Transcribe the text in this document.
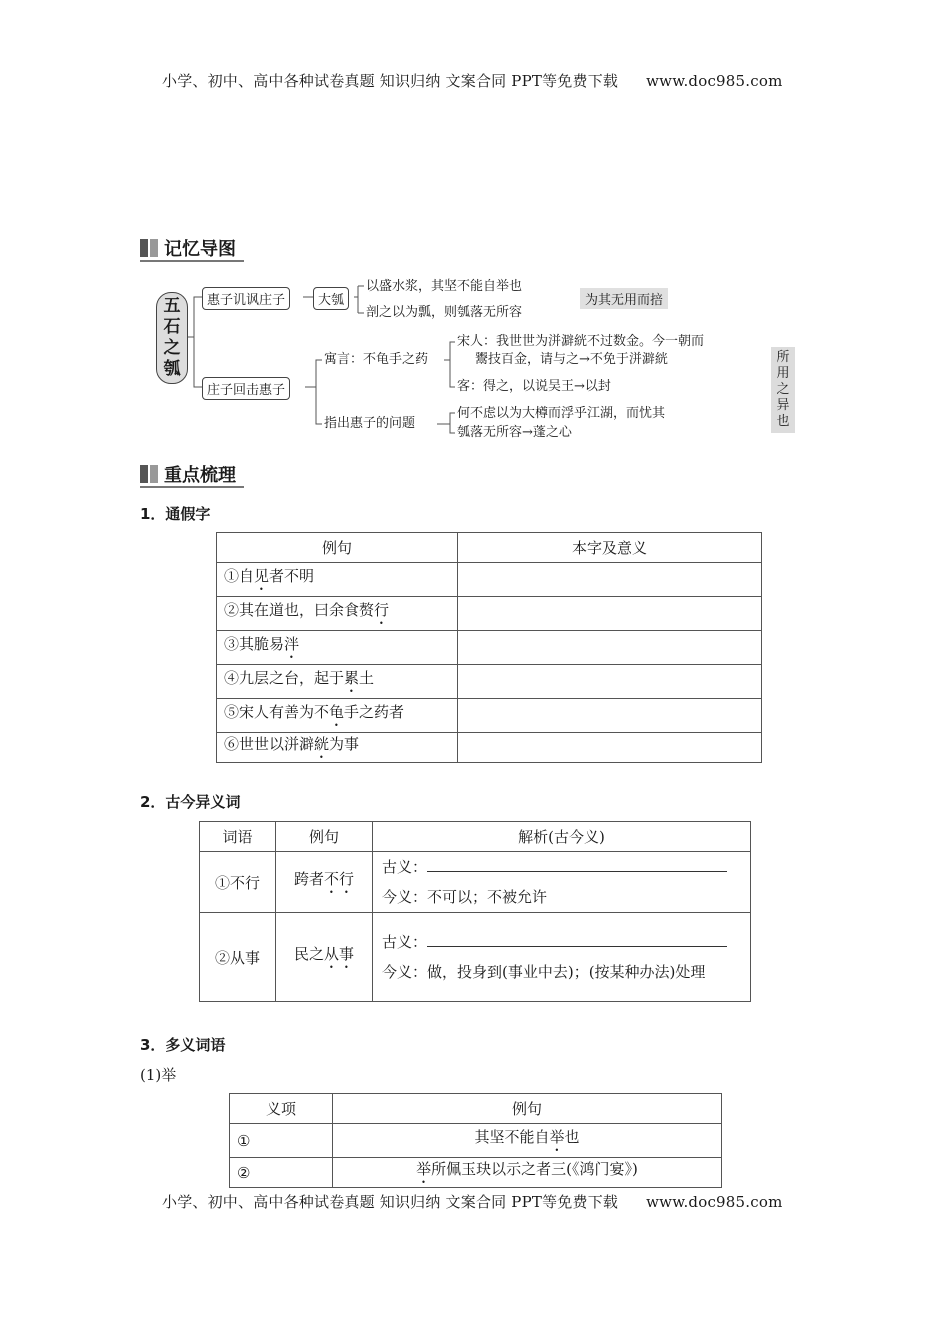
小学、初中、高中各种试卷真题 知识归纳 文案合同 PPT等免费下载 www.doc985.com
记忆导图
五石之瓠
惠子讥讽庄子	大瓠
以盛水浆，其坚不能自举也
剖之以为瓢，则瓠落无所容
为其无用而掊
庄子回击惠子
寓言：不龟手之药
宋人：我世世为洴澼絖不过数金。今一朝而
鬻技百金，请与之→不免于洴澼絖
客：得之，以说吴王→以封
指出惠子的问题
何不虑以为大樽而浮乎江湖，而忧其
瓠落无所容→蓬之心
所用之异也
重点梳理
1．通假字
例句	本字及意义
①自见者不明	
②其在道也，曰余食赘行	
③其脆易泮	
④九层之台，起于累土	
⑤宋人有善为不龟手之药者	
⑥世世以洴澼絖为事	
2．古今异义词
词语	例句	解析(古今义)
①不行	跨者不行	古义：
今义：不可以；不被允许

②从事	民之从事	古义：
今义：做，投身到(事业中去)；(按某种办法)处理
3．多义词语
(1)举
义项	例句
①	其坚不能自举也
②	举所佩玉玦以示之者三(《鸿门宴》)
小学、初中、高中各种试卷真题 知识归纳 文案合同 PPT等免费下载 www.doc985.com
